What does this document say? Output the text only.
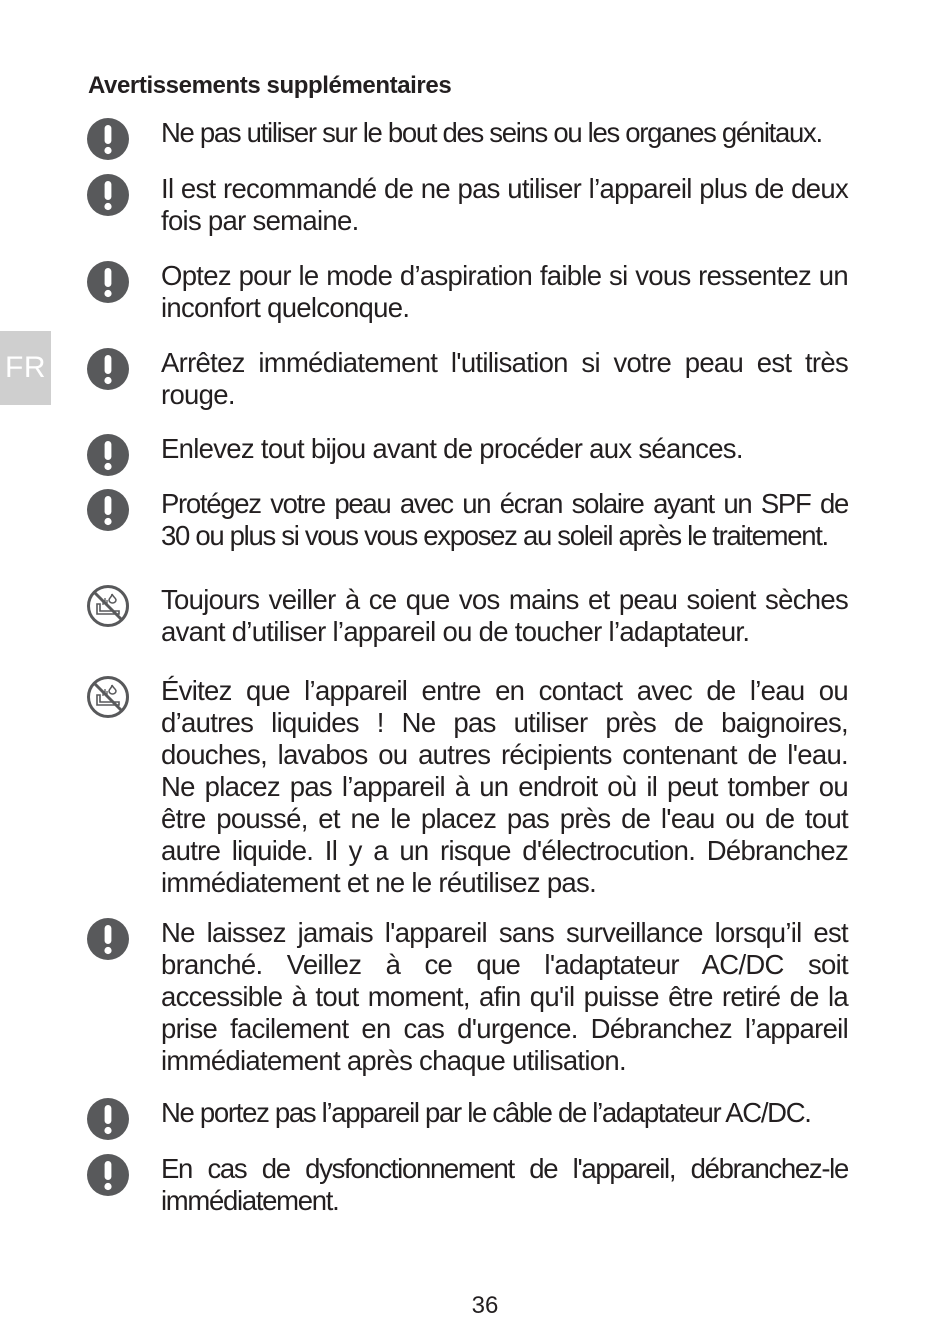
FR
Avertissements supplémentaires
Ne pas utiliser sur le bout des seins ou les organes génitaux.
Il est recommandé de ne pas utiliser l’appareil plus de deux fois par semaine.
Optez pour le mode d’aspiration faible si vous ressentez un inconfort quelconque.
Arrêtez immédiatement l'utilisation si votre peau est très rouge.
Enlevez tout bijou avant de procéder aux séances.
Protégez votre peau avec un écran solaire ayant un SPF de 30 ou plus si vous vous exposez au soleil après le traitement.
Toujours veiller à ce que vos mains et peau soient sèches avant d’utiliser l’appareil ou de toucher l’adaptateur.
Évitez que l’appareil entre en contact avec de l’eau ou d’autres liquides ! Ne pas utiliser près de baignoires, douches, lavabos ou autres récipients contenant de l'eau. Ne placez pas l’appareil à un endroit où il peut tomber ou être poussé, et ne le placez pas près de l'eau ou de tout autre liquide. Il y a un risque d'électrocution. Débranchez immédiatement et ne le réutilisez pas.
Ne laissez jamais l'appareil sans surveillance lorsqu’il est branché. Veillez à ce que l'adaptateur AC/DC soit accessible à tout moment, afin qu'il puisse être retiré de la prise facilement en cas d'urgence. Débranchez l’appareil immédiatement après chaque utilisation.
Ne portez pas l’appareil par le câble de l’adaptateur AC/DC.
En cas de dysfonctionnement de l'appareil, débranchez-le immédiatement.
36
